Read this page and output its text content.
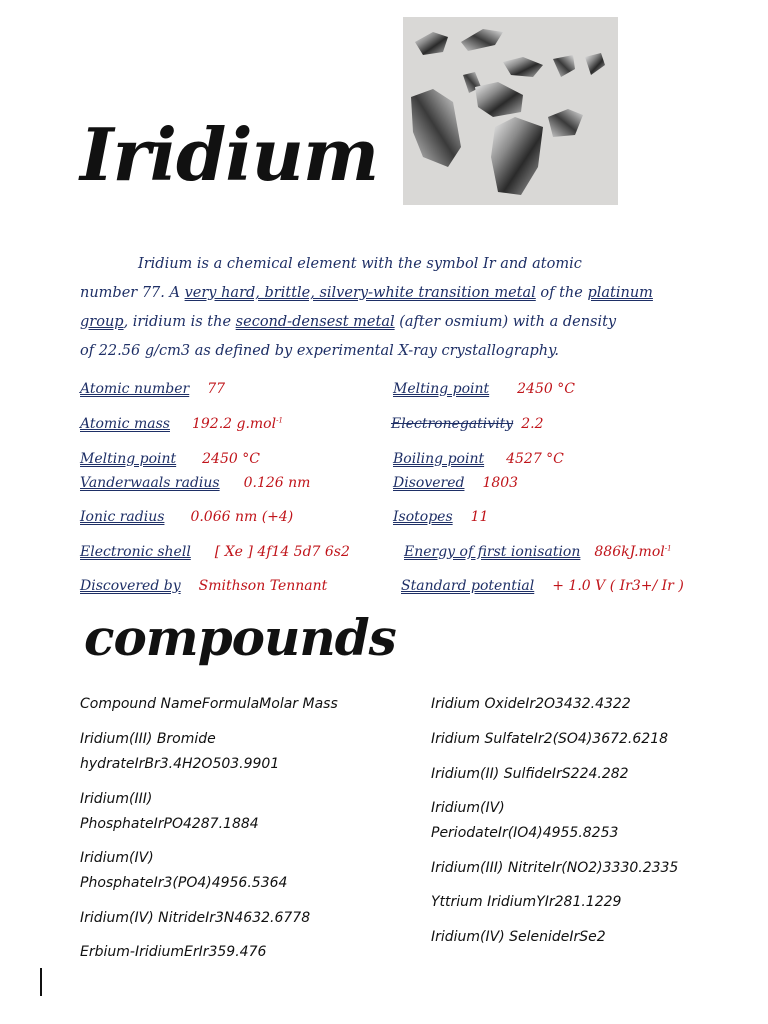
Iridium
Iridium is a chemical element with the symbol Ir and atomic
number 77. A very hard, brittle, silvery-white transition metal of the platinum
group, iridium is the second-densest metal (after osmium) with a density
of 22.56 g/cm3 as defined by experimental X-ray crystallography.
Atomic number 77
Atomic mass 192.2 g.mol$^{-1}$
Melting point 2450 °C
Vanderwaals radius 0.126 nm
Ionic radius 0.066 nm (+4)
Electronic shell [ Xe ] 4f14 5d7 6s2
Discovered by Smithson Tennant
Melting point 2450 °C
Electronegativity 2.2
Boiling point 4527 °C
Disovered 1803
Isotopes 11
Energy of first ionisation 886kJ.mol$^{-1}$
Standard potential + 1.0 V ( Ir3+/ Ir )
compounds
Compound NameFormulaMolar Mass
Iridium(III) Bromide
hydrateIrBr3.4H2O503.9901
Iridium(III)
PhosphateIrPO4287.1884
Iridium(IV)
PhosphateIr3(PO4)4956.5364
Iridium(IV) NitrideIr3N4632.6778
Erbium-IridiumErIr359.476
Iridium OxideIr2O3432.4322
Iridium SulfateIr2(SO4)3672.6218
Iridium(II) SulfideIrS224.282
Iridium(IV)
PeriodateIr(IO4)4955.8253
Iridium(III) NitriteIr(NO2)3330.2335
Yttrium IridiumYIr281.1229
Iridium(IV) SelenideIrSe2
